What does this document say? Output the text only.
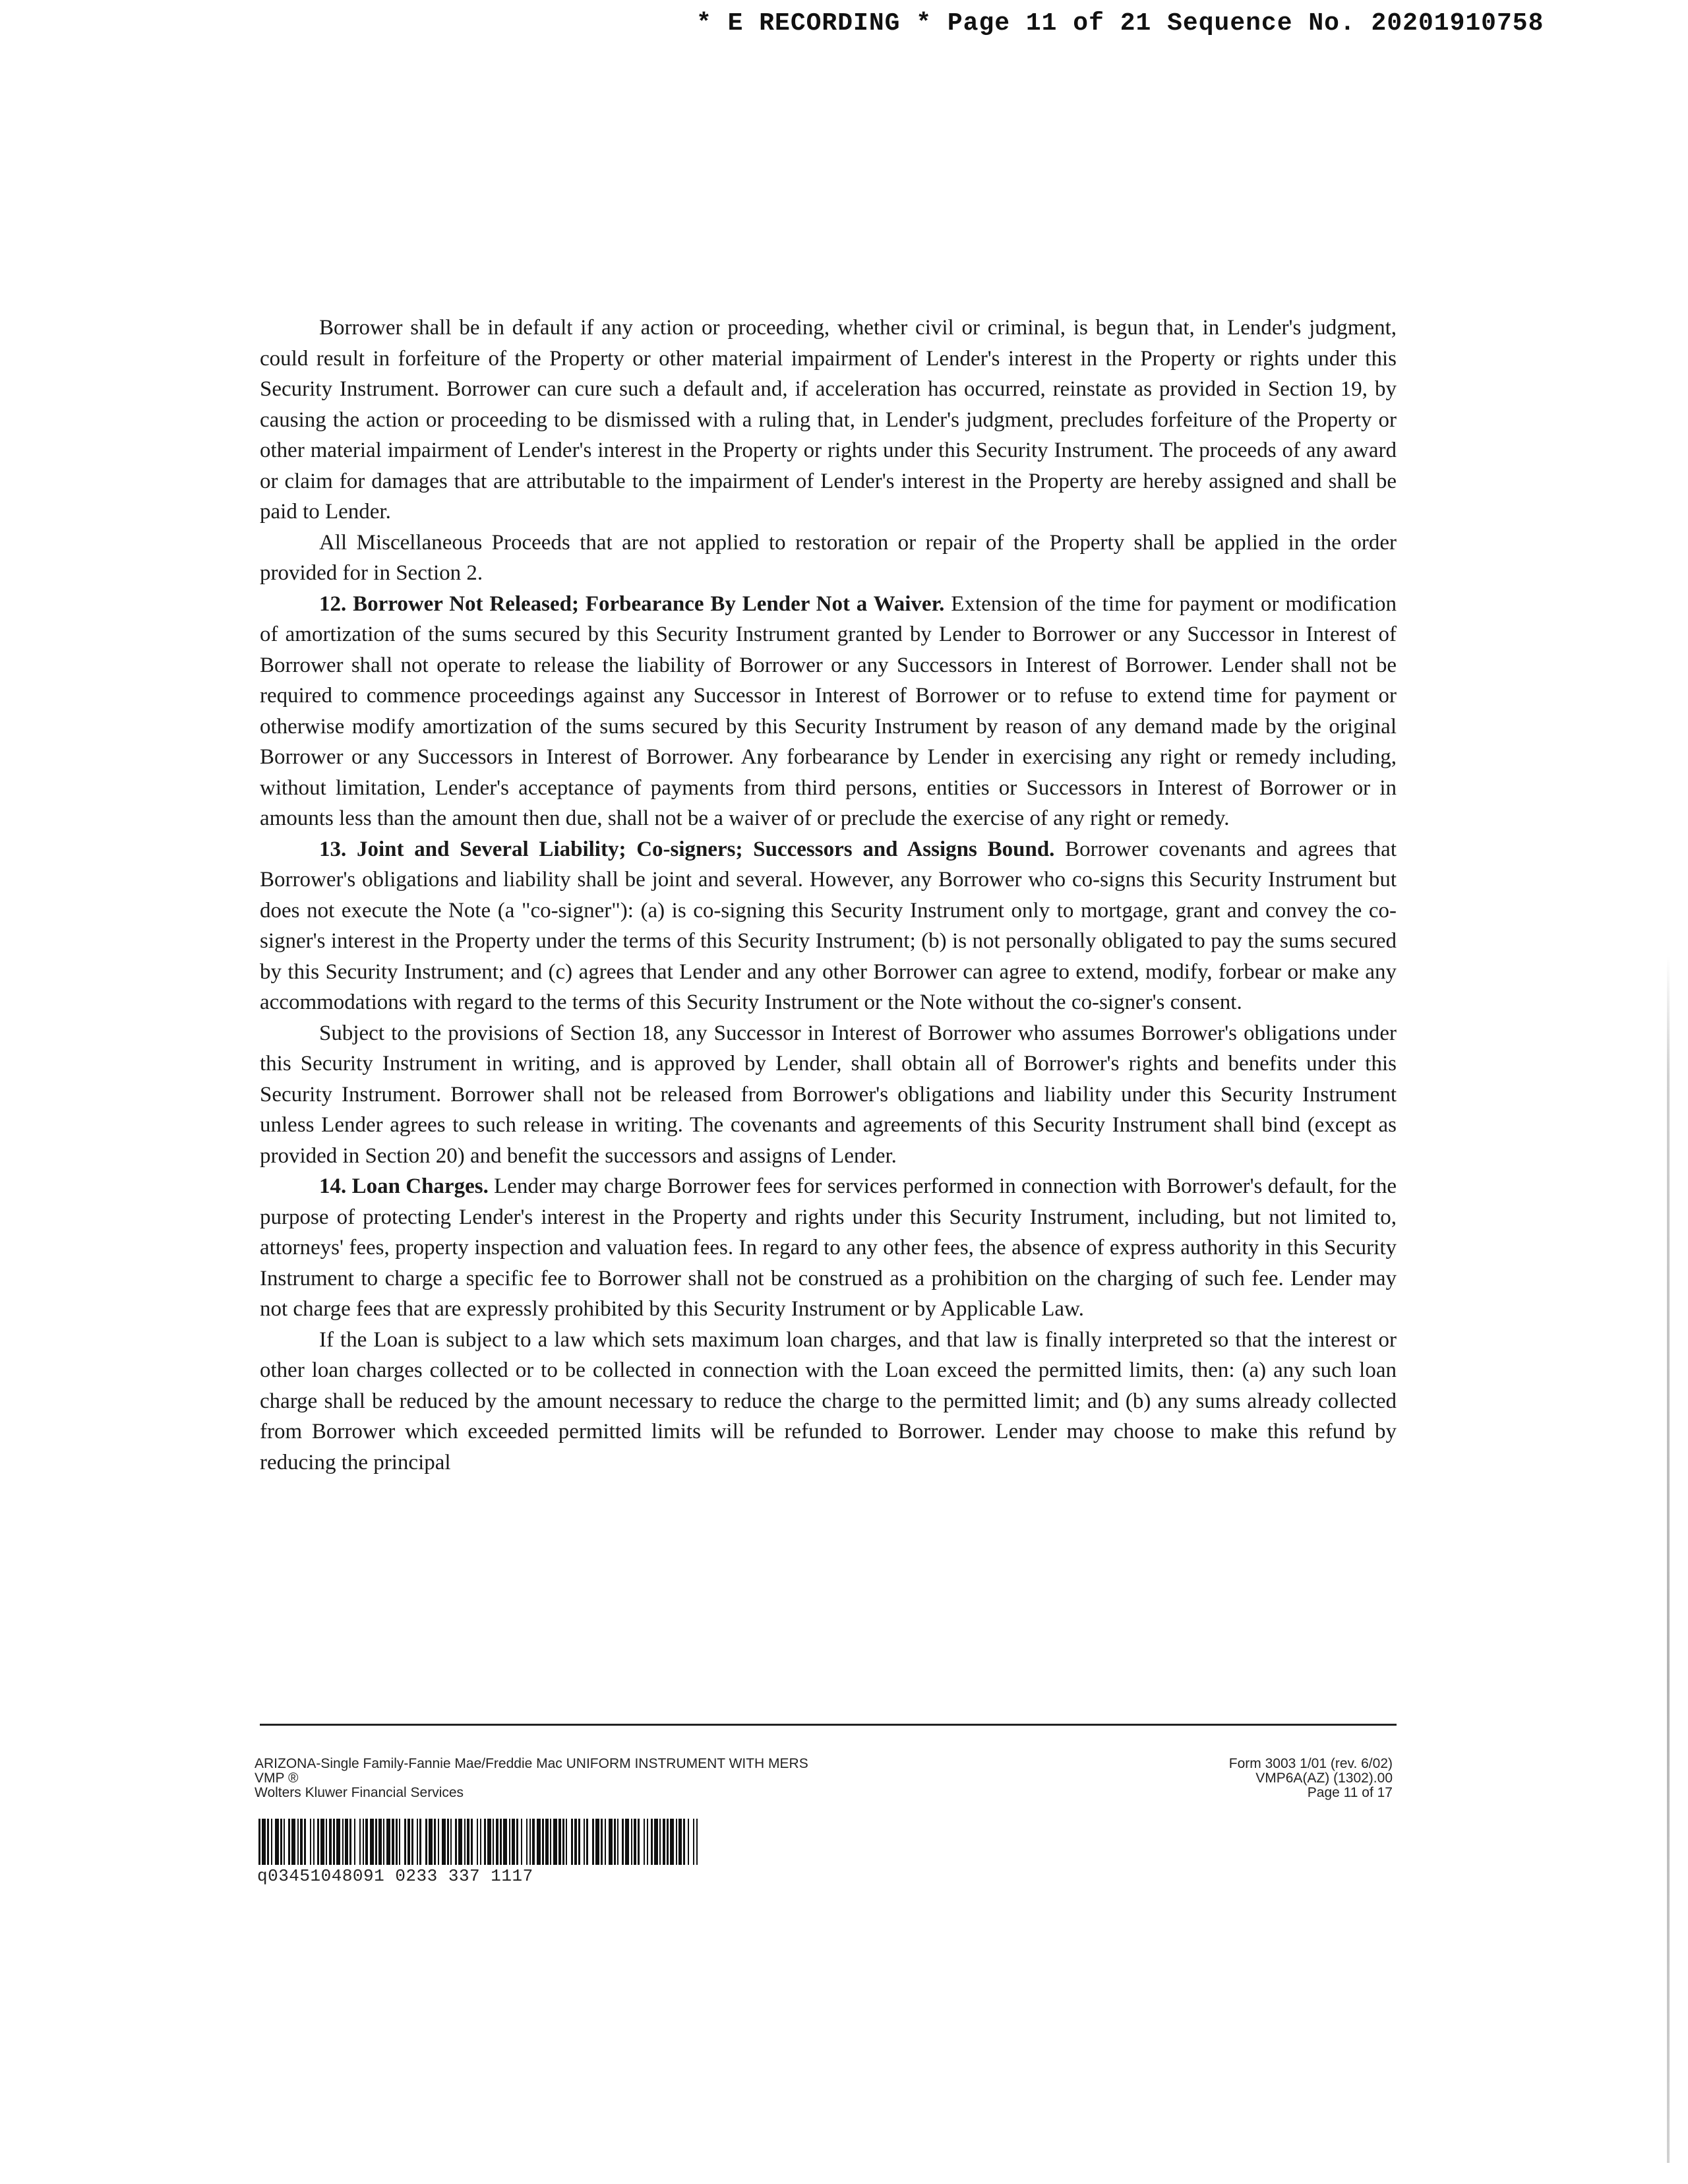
* E RECORDING * Page 11 of 21 Sequence No. 20201910758

Borrower shall be in default if any action or proceeding, whether civil or criminal, is begun that, in Lender's judgment, could result in forfeiture of the Property or other material impairment of Lender's interest in the Property or rights under this Security Instrument. Borrower can cure such a default and, if acceleration has occurred, reinstate as provided in Section 19, by causing the action or proceeding to be dismissed with a ruling that, in Lender's judgment, precludes forfeiture of the Property or other material impairment of Lender's interest in the Property or rights under this Security Instrument. The proceeds of any award or claim for damages that are attributable to the impairment of Lender's interest in the Property are hereby assigned and shall be paid to Lender.

All Miscellaneous Proceeds that are not applied to restoration or repair of the Property shall be applied in the order provided for in Section 2.

12. Borrower Not Released; Forbearance By Lender Not a Waiver. Extension of the time for payment or modification of amortization of the sums secured by this Security Instrument granted by Lender to Borrower or any Successor in Interest of Borrower shall not operate to release the liability of Borrower or any Successors in Interest of Borrower. Lender shall not be required to commence proceedings against any Successor in Interest of Borrower or to refuse to extend time for payment or otherwise modify amortization of the sums secured by this Security Instrument by reason of any demand made by the original Borrower or any Successors in Interest of Borrower. Any forbearance by Lender in exercising any right or remedy including, without limitation, Lender's acceptance of payments from third persons, entities or Successors in Interest of Borrower or in amounts less than the amount then due, shall not be a waiver of or preclude the exercise of any right or remedy.

13. Joint and Several Liability; Co-signers; Successors and Assigns Bound. Borrower covenants and agrees that Borrower's obligations and liability shall be joint and several. However, any Borrower who co-signs this Security Instrument but does not execute the Note (a "co-signer"): (a) is co-signing this Security Instrument only to mortgage, grant and convey the co-signer's interest in the Property under the terms of this Security Instrument; (b) is not personally obligated to pay the sums secured by this Security Instrument; and (c) agrees that Lender and any other Borrower can agree to extend, modify, forbear or make any accommodations with regard to the terms of this Security Instrument or the Note without the co-signer's consent.

Subject to the provisions of Section 18, any Successor in Interest of Borrower who assumes Borrower's obligations under this Security Instrument in writing, and is approved by Lender, shall obtain all of Borrower's rights and benefits under this Security Instrument. Borrower shall not be released from Borrower's obligations and liability under this Security Instrument unless Lender agrees to such release in writing. The covenants and agreements of this Security Instrument shall bind (except as provided in Section 20) and benefit the successors and assigns of Lender.

14. Loan Charges. Lender may charge Borrower fees for services performed in connection with Borrower's default, for the purpose of protecting Lender's interest in the Property and rights under this Security Instrument, including, but not limited to, attorneys' fees, property inspection and valuation fees. In regard to any other fees, the absence of express authority in this Security Instrument to charge a specific fee to Borrower shall not be construed as a prohibition on the charging of such fee. Lender may not charge fees that are expressly prohibited by this Security Instrument or by Applicable Law.

If the Loan is subject to a law which sets maximum loan charges, and that law is finally interpreted so that the interest or other loan charges collected or to be collected in connection with the Loan exceed the permitted limits, then: (a) any such loan charge shall be reduced by the amount necessary to reduce the charge to the permitted limit; and (b) any sums already collected from Borrower which exceeded permitted limits will be refunded to Borrower. Lender may choose to make this refund by reducing the principal

ARIZONA-Single Family-Fannie Mae/Freddie Mac UNIFORM INSTRUMENT WITH MERS
VMP ®
Wolters Kluwer Financial Services
Form 3003 1/01 (rev. 6/02)
VMP6A(AZ) (1302).00
Page 11 of 17
q03451048091 0233 337 1117
